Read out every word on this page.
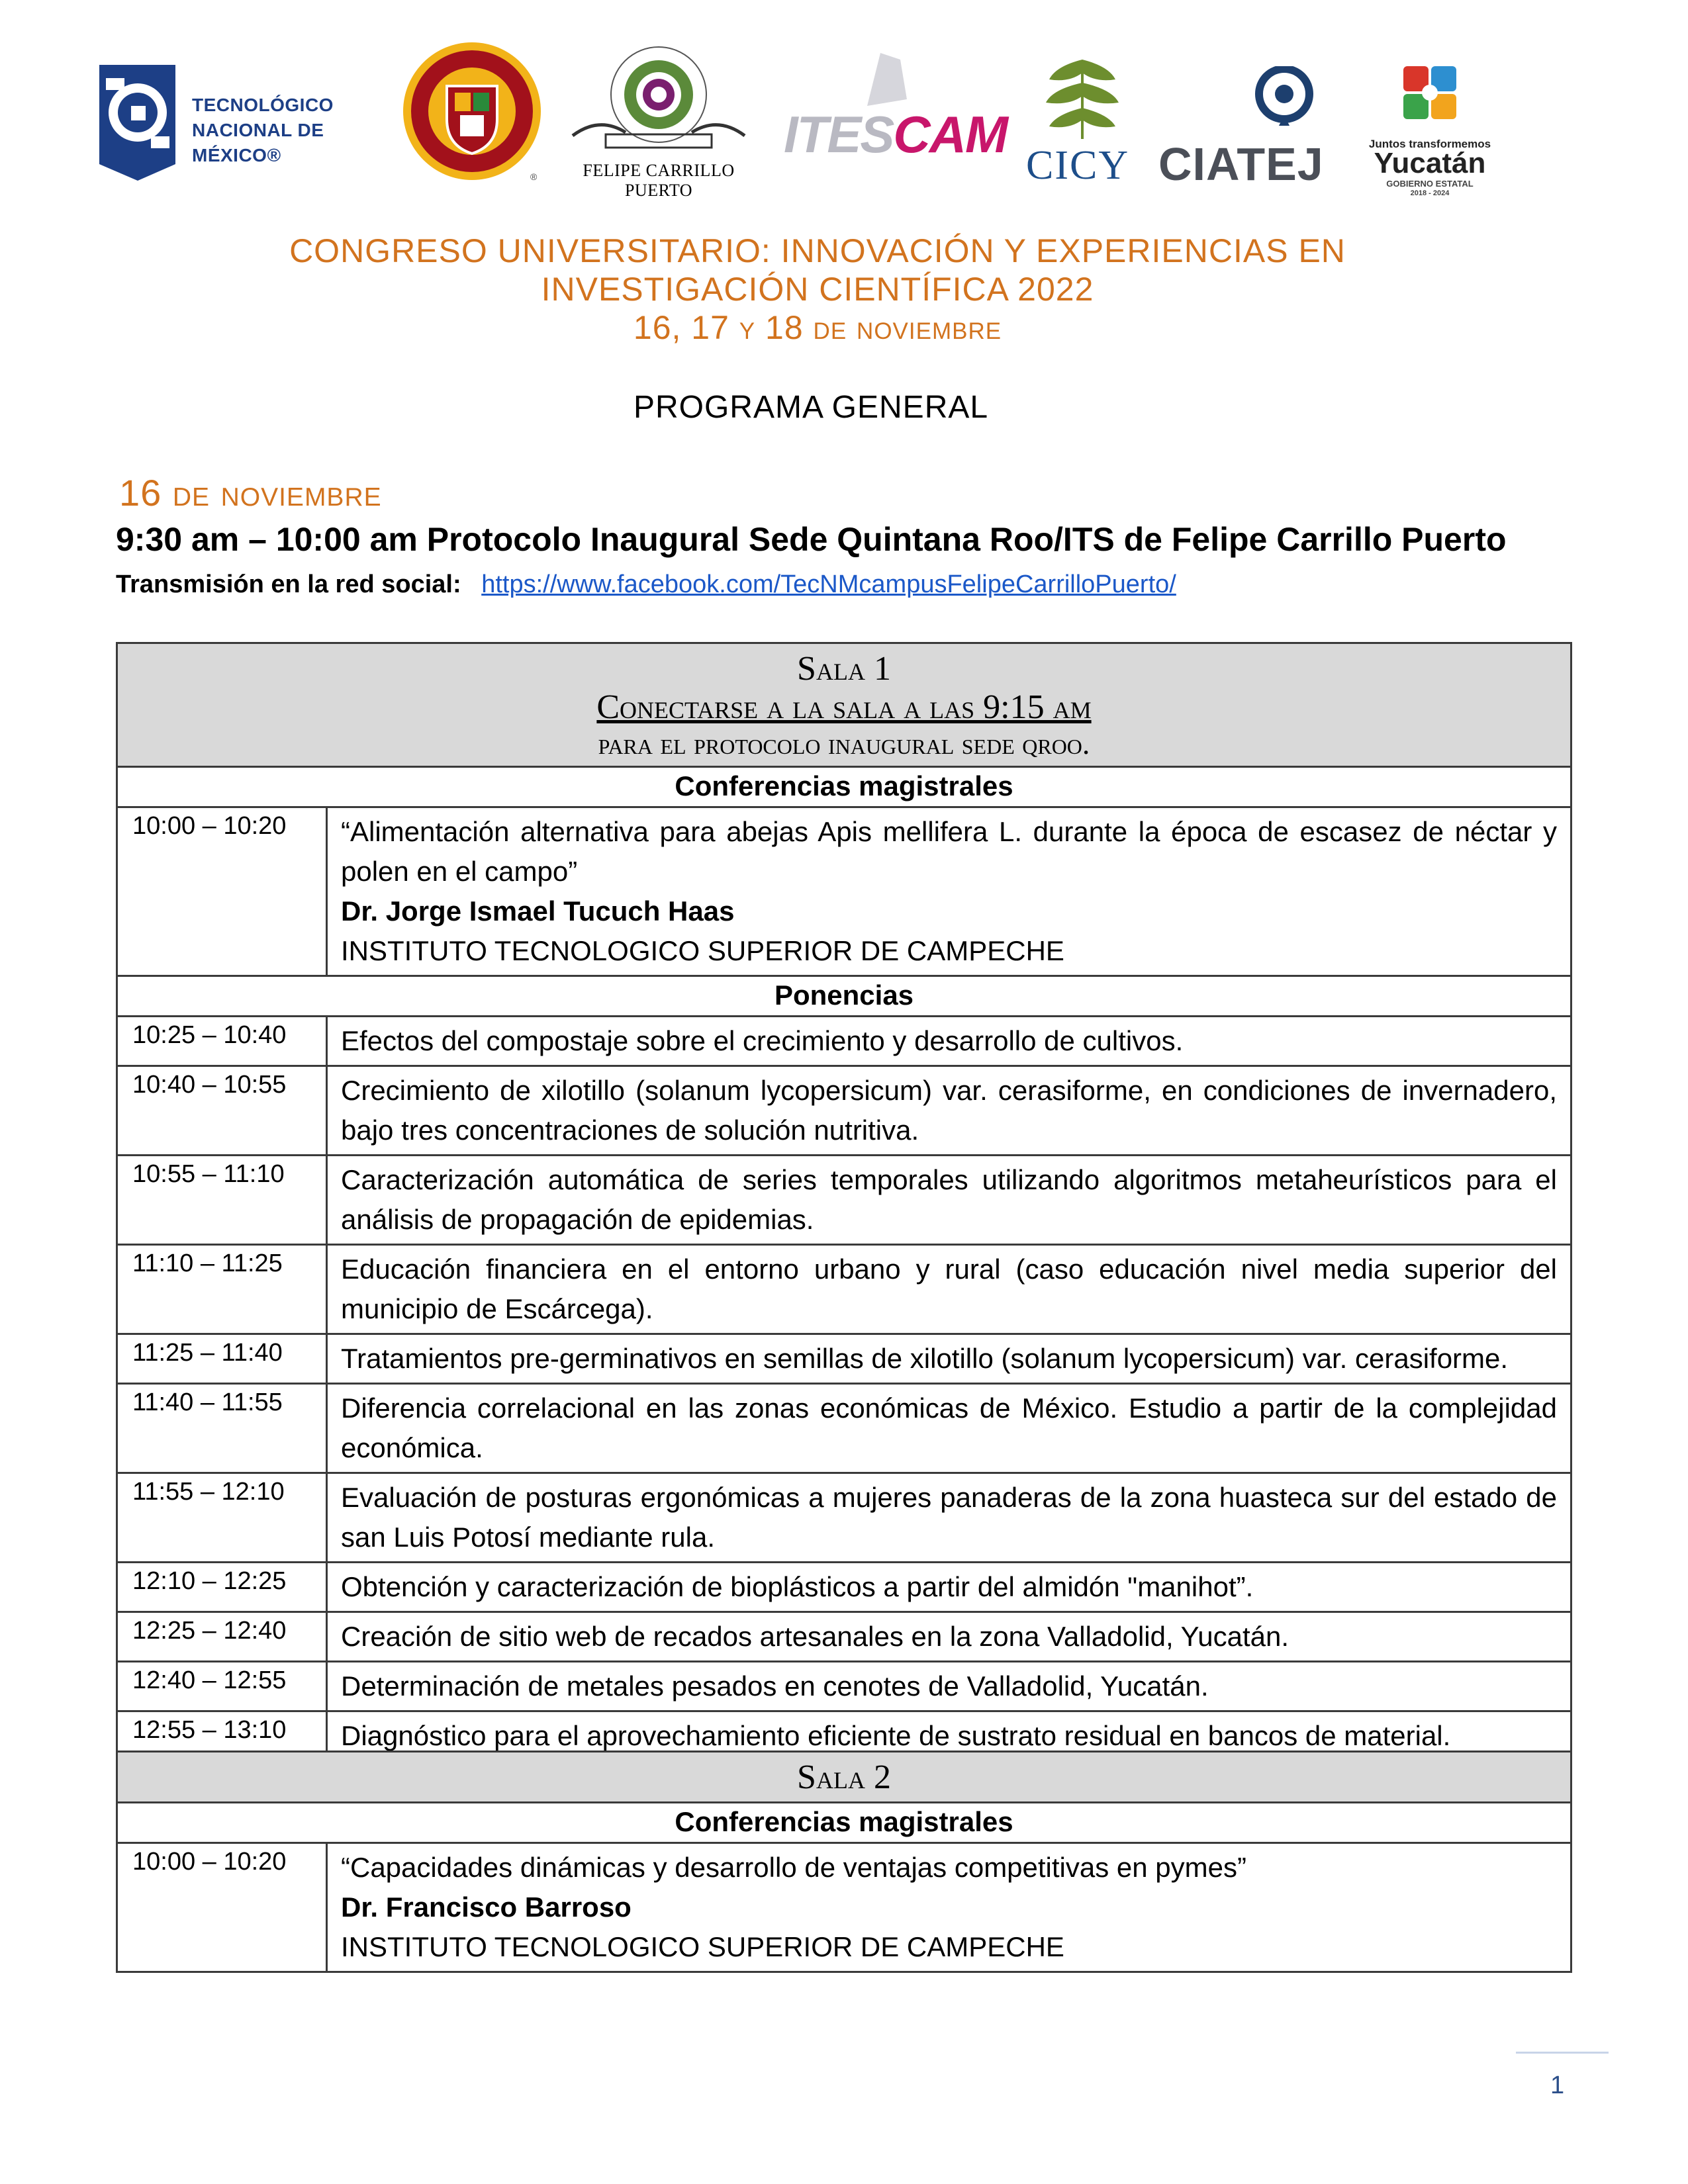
TECNOLÓGICO
NACIONAL DE MÉXICO®
®	FELIPE CARRILLO PUERTO
ITESCAM
CICY CIATEJ	Juntos transformemos
Yucatán
GOBIERNO ESTATAL
2018 - 2024
CONGRESO UNIVERSITARIO: INNOVACIÓN Y EXPERIENCIAS EN
INVESTIGACIÓN CIENTÍFICA 2022
16, 17 y 18 de noviembre
PROGRAMA GENERAL
16 de noviembre
9:30 am – 10:00 am Protocolo Inaugural Sede Quintana Roo/ITS de Felipe Carrillo Puerto
Transmisión en la red social: https://www.facebook.com/TecNMcampusFelipeCarrilloPuerto/
Sala 1
Conectarse a la sala a las 9:15 am
para el protocolo inaugural sede qroo.	

Conferencias magistrales	
10:00 – 10:20	“Alimentación alternativa para abejas Apis mellifera L. durante la época de escasez de néctar y polen en el campo”
Dr. Jorge Ismael Tucuch Haas
INSTITUTO TECNOLOGICO SUPERIOR DE CAMPECHE

Ponencias	
10:25 – 10:40	Efectos del compostaje sobre el crecimiento y desarrollo de cultivos.
10:40 – 10:55	Crecimiento de xilotillo (solanum lycopersicum) var. cerasiforme, en condiciones de invernadero, bajo tres concentraciones de solución nutritiva.
10:55 – 11:10	Caracterización automática de series temporales utilizando algoritmos metaheurísticos para el análisis de propagación de epidemias.
11:10 – 11:25	Educación financiera en el entorno urbano y rural (caso educación nivel media superior del municipio de Escárcega).
11:25 – 11:40	Tratamientos pre-germinativos en semillas de xilotillo (solanum lycopersicum) var. cerasiforme.
11:40 – 11:55	Diferencia correlacional en las zonas económicas de México. Estudio a partir de la complejidad económica.
11:55 – 12:10	Evaluación de posturas ergonómicas a mujeres panaderas de la zona huasteca sur del estado de san Luis Potosí mediante rula.
12:10 – 12:25	Obtención y caracterización de bioplásticos a partir del almidón "manihot”.
12:25 – 12:40	Creación de sitio web de recados artesanales en la zona Valladolid, Yucatán.
12:40 – 12:55	Determinación de metales pesados en cenotes de Valladolid, Yucatán.
12:55 – 13:10	Diagnóstico para el aprovechamiento eficiente de sustrato residual en bancos de material.
Sala 2

Conferencias magistrales
10:00 – 10:20	“Capacidades dinámicas y desarrollo de ventajas competitivas en pymes”
Dr. Francisco Barroso
INSTITUTO TECNOLOGICO SUPERIOR DE CAMPECHE
1
